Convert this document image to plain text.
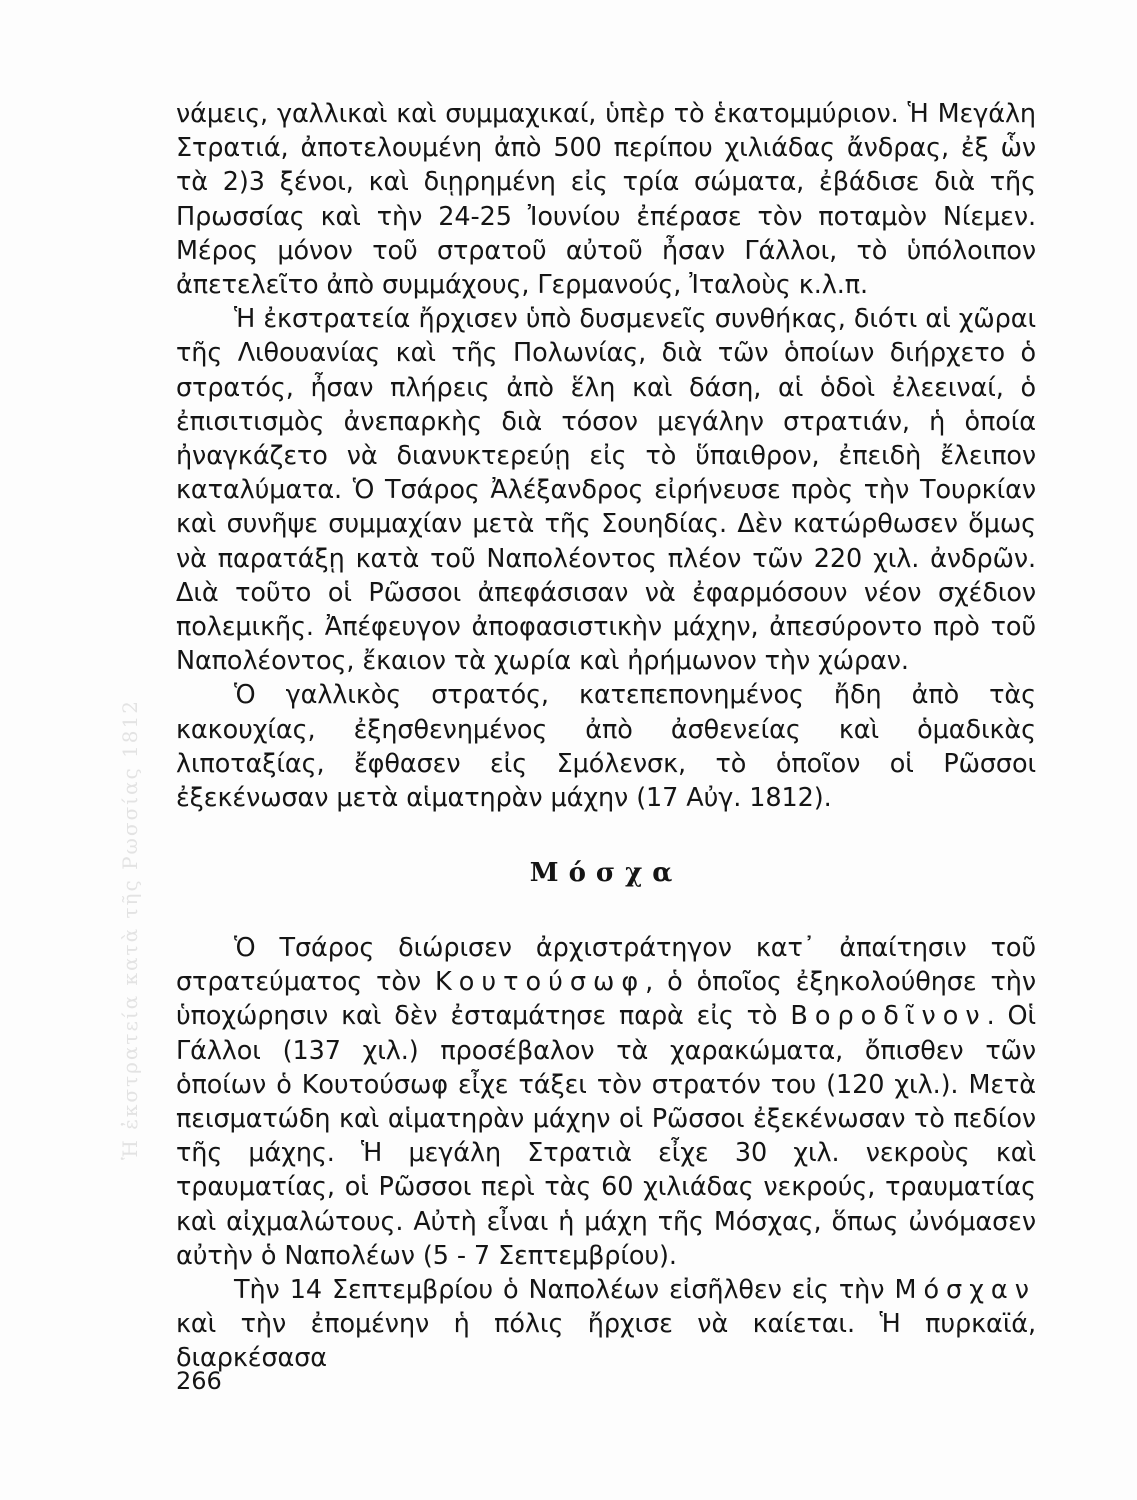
Ἡ ἐκστρατεία κατὰ τῆς Ρωσσίας 1812

νάμεις, γαλλικαὶ καὶ συμμαχικαί, ὑπὲρ τὸ ἑκατομμύριον. Ἡ Μεγάλη Στρατιά, ἀποτελουμένη ἀπὸ 500 περίπου χιλιάδας ἄνδρας, ἐξ ὧν τὰ 2)3 ξένοι, καὶ διῃρημένη εἰς τρία σώματα, ἐβάδισε διὰ τῆς Πρωσσίας καὶ τὴν 24-25 Ἰουνίου ἐπέρασε τὸν ποταμὸν Νίεμεν. Μέρος μόνον τοῦ στρατοῦ αὐτοῦ ἦσαν Γάλλοι, τὸ ὑπόλοιπον ἀπετελεῖτο ἀπὸ συμμάχους, Γερμανούς, Ἰταλοὺς κ.λ.π.

Ἡ ἐκστρατεία ἤρχισεν ὑπὸ δυσμενεῖς συνθήκας, διότι αἱ χῶραι τῆς Λιθουανίας καὶ τῆς Πολωνίας, διὰ τῶν ὁποίων διήρχετο ὁ στρατός, ἦσαν πλήρεις ἀπὸ ἕλη καὶ δάση, αἱ ὁδοὶ ἐλεειναί, ὁ ἐπισιτισμὸς ἀνεπαρκὴς διὰ τόσον μεγάλην στρατιάν, ἡ ὁποία ἠναγκάζετο νὰ διανυκτερεύῃ εἰς τὸ ὕπαιθρον, ἐπειδὴ ἔλειπον καταλύματα. Ὁ Τσάρος Ἀλέξανδρος εἰρήνευσε πρὸς τὴν Τουρκίαν καὶ συνῆψε συμμαχίαν μετὰ τῆς Σουηδίας. Δὲν κατώρθωσεν ὅμως νὰ παρατάξῃ κατὰ τοῦ Ναπολέοντος πλέον τῶν 220 χιλ. ἀνδρῶν. Διὰ τοῦτο οἱ Ρῶσσοι ἀπεφάσισαν νὰ ἐφαρμόσουν νέον σχέδιον πολεμικῆς. Ἀπέφευγον ἀποφασιστικὴν μάχην, ἀπεσύροντο πρὸ τοῦ Ναπολέοντος, ἔκαιον τὰ χωρία καὶ ἠρήμωνον τὴν χώραν.

Ὁ γαλλικὸς στρατός, κατεπεπονημένος ἤδη ἀπὸ τὰς κακουχίας, ἐξησθενημένος ἀπὸ ἀσθενείας καὶ ὁμαδικὰς λιποταξίας, ἔφθασεν εἰς Σμόλενσκ, τὸ ὁποῖον οἱ Ρῶσσοι ἐξεκένωσαν μετὰ αἱματηρὰν μάχην (17 Αὐγ. 1812).

Μόσχα

Ὁ Τσάρος διώρισεν ἀρχιστράτηγον κατ᾽ ἀπαίτησιν τοῦ στρατεύματος τὸν Κουτούσωφ, ὁ ὁποῖος ἐξηκολούθησε τὴν ὑποχώρησιν καὶ δὲν ἐσταμάτησε παρὰ εἰς τὸ Βοροδῖνον. Οἱ Γάλλοι (137 χιλ.) προσέβαλον τὰ χαρακώματα, ὄπισθεν τῶν ὁποίων ὁ Κουτούσωφ εἶχε τάξει τὸν στρατόν του (120 χιλ.). Μετὰ πεισματώδη καὶ αἱματηρὰν μάχην οἱ Ρῶσσοι ἐξεκένωσαν τὸ πεδίον τῆς μάχης. Ἡ μεγάλη Στρατιὰ εἶχε 30 χιλ. νεκροὺς καὶ τραυματίας, οἱ Ρῶσσοι περὶ τὰς 60 χιλιάδας νεκρούς, τραυματίας καὶ αἰχμαλώτους. Αὐτὴ εἶναι ἡ μάχη τῆς Μόσχας, ὅπως ὠνόμασεν αὐτὴν ὁ Ναπολέων (5 - 7 Σεπτεμβρίου).

Τὴν 14 Σεπτεμβρίου ὁ Ναπολέων εἰσῆλθεν εἰς τὴν Μόσχαν καὶ τὴν ἐπομένην ἡ πόλις ἤρχισε νὰ καίεται. Ἡ πυρκαϊά, διαρκέσασα

266
